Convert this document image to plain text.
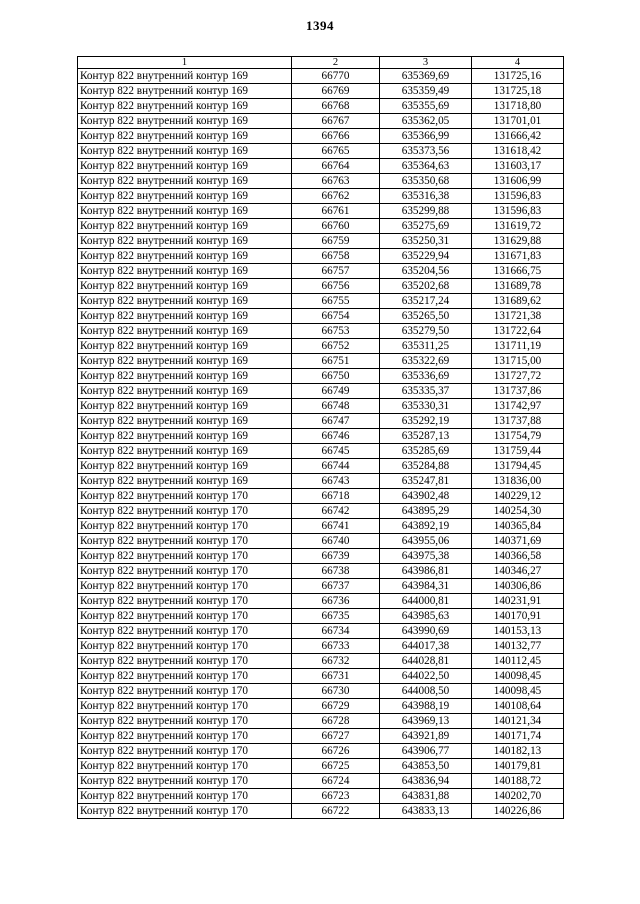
1394
1	2	3	4
Контур 822 внутренний контур 169	66770	635369,69	131725,16
Контур 822 внутренний контур 169	66769	635359,49	131725,18
Контур 822 внутренний контур 169	66768	635355,69	131718,80
Контур 822 внутренний контур 169	66767	635362,05	131701,01
Контур 822 внутренний контур 169	66766	635366,99	131666,42
Контур 822 внутренний контур 169	66765	635373,56	131618,42
Контур 822 внутренний контур 169	66764	635364,63	131603,17
Контур 822 внутренний контур 169	66763	635350,68	131606,99
Контур 822 внутренний контур 169	66762	635316,38	131596,83
Контур 822 внутренний контур 169	66761	635299,88	131596,83
Контур 822 внутренний контур 169	66760	635275,69	131619,72
Контур 822 внутренний контур 169	66759	635250,31	131629,88
Контур 822 внутренний контур 169	66758	635229,94	131671,83
Контур 822 внутренний контур 169	66757	635204,56	131666,75
Контур 822 внутренний контур 169	66756	635202,68	131689,78
Контур 822 внутренний контур 169	66755	635217,24	131689,62
Контур 822 внутренний контур 169	66754	635265,50	131721,38
Контур 822 внутренний контур 169	66753	635279,50	131722,64
Контур 822 внутренний контур 169	66752	635311,25	131711,19
Контур 822 внутренний контур 169	66751	635322,69	131715,00
Контур 822 внутренний контур 169	66750	635336,69	131727,72
Контур 822 внутренний контур 169	66749	635335,37	131737,86
Контур 822 внутренний контур 169	66748	635330,31	131742,97
Контур 822 внутренний контур 169	66747	635292,19	131737,88
Контур 822 внутренний контур 169	66746	635287,13	131754,79
Контур 822 внутренний контур 169	66745	635285,69	131759,44
Контур 822 внутренний контур 169	66744	635284,88	131794,45
Контур 822 внутренний контур 169	66743	635247,81	131836,00
Контур 822 внутренний контур 170	66718	643902,48	140229,12
Контур 822 внутренний контур 170	66742	643895,29	140254,30
Контур 822 внутренний контур 170	66741	643892,19	140365,84
Контур 822 внутренний контур 170	66740	643955,06	140371,69
Контур 822 внутренний контур 170	66739	643975,38	140366,58
Контур 822 внутренний контур 170	66738	643986,81	140346,27
Контур 822 внутренний контур 170	66737	643984,31	140306,86
Контур 822 внутренний контур 170	66736	644000,81	140231,91
Контур 822 внутренний контур 170	66735	643985,63	140170,91
Контур 822 внутренний контур 170	66734	643990,69	140153,13
Контур 822 внутренний контур 170	66733	644017,38	140132,77
Контур 822 внутренний контур 170	66732	644028,81	140112,45
Контур 822 внутренний контур 170	66731	644022,50	140098,45
Контур 822 внутренний контур 170	66730	644008,50	140098,45
Контур 822 внутренний контур 170	66729	643988,19	140108,64
Контур 822 внутренний контур 170	66728	643969,13	140121,34
Контур 822 внутренний контур 170	66727	643921,89	140171,74
Контур 822 внутренний контур 170	66726	643906,77	140182,13
Контур 822 внутренний контур 170	66725	643853,50	140179,81
Контур 822 внутренний контур 170	66724	643836,94	140188,72
Контур 822 внутренний контур 170	66723	643831,88	140202,70
Контур 822 внутренний контур 170	66722	643833,13	140226,86
